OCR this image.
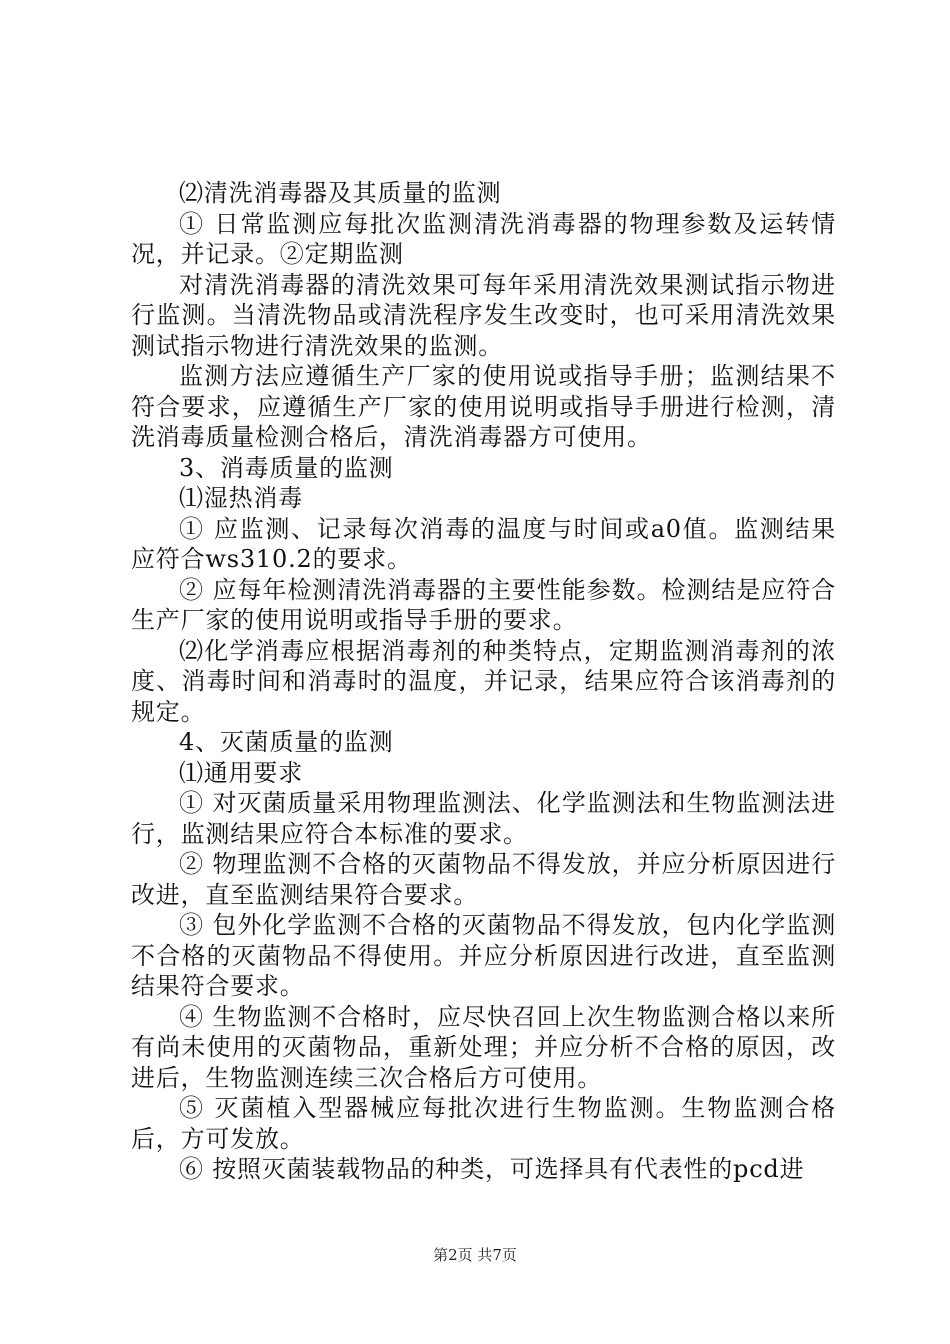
⑵清洗消毒器及其质量的监测

① 日常监测应每批次监测清洗消毒器的物理参数及运转情况，并记录。②定期监测

对清洗消毒器的清洗效果可每年采用清洗效果测试指示物进行监测。当清洗物品或清洗程序发生改变时，也可采用清洗效果测试指示物进行清洗效果的监测。

监测方法应遵循生产厂家的使用说或指导手册；监测结果不符合要求，应遵循生产厂家的使用说明或指导手册进行检测，清洗消毒质量检测合格后，清洗消毒器方可使用。

3、消毒质量的监测

⑴湿热消毒

① 应监测、记录每次消毒的温度与时间或a0值。监测结果应符合ws310.2的要求。

② 应每年检测清洗消毒器的主要性能参数。检测结是应符合生产厂家的使用说明或指导手册的要求。

⑵化学消毒应根据消毒剂的种类特点，定期监测消毒剂的浓度、消毒时间和消毒时的温度，并记录，结果应符合该消毒剂的规定。

4、灭菌质量的监测

⑴通用要求

① 对灭菌质量采用物理监测法、化学监测法和生物监测法进行，监测结果应符合本标准的要求。

② 物理监测不合格的灭菌物品不得发放，并应分析原因进行改进，直至监测结果符合要求。

③ 包外化学监测不合格的灭菌物品不得发放，包内化学监测不合格的灭菌物品不得使用。并应分析原因进行改进，直至监测结果符合要求。

④ 生物监测不合格时，应尽快召回上次生物监测合格以来所有尚未使用的灭菌物品，重新处理；并应分析不合格的原因，改进后，生物监测连续三次合格后方可使用。

⑤ 灭菌植入型器械应每批次进行生物监测。生物监测合格后，方可发放。

⑥ 按照灭菌装载物品的种类，可选择具有代表性的pcd进

第2页 共7页
